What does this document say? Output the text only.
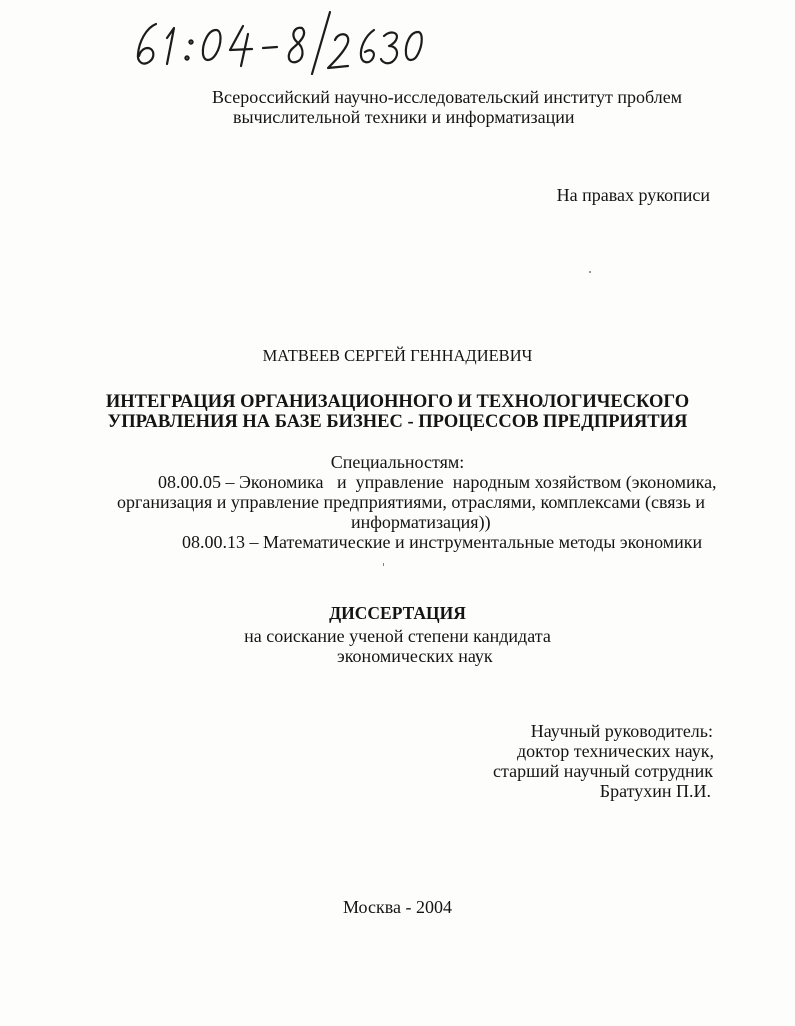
Всероссийский научно-исследовательский институт проблем
вычислительной техники и информатизации
На правах рукописи
МАТВЕЕВ СЕРГЕЙ ГЕННАДИЕВИЧ
ИНТЕГРАЦИЯ ОРГАНИЗАЦИОННОГО И ТЕХНОЛОГИЧЕСКОГО
УПРАВЛЕНИЯ НА БАЗЕ БИЗНЕС - ПРОЦЕССОВ ПРЕДПРИЯТИЯ
Специальностям:
08.00.05 – Экономика   и  управление  народным хозяйством (экономика,
организация и управление предприятиями, отраслями, комплексами (связь и
информатизация))
08.00.13 – Математические и инструментальные методы экономики
ДИССЕРТАЦИЯ
на соискание ученой степени кандидата
экономических наук
Научный руководитель:
доктор технических наук,
старший научный сотрудник
Братухин П.И.
Москва - 2004
